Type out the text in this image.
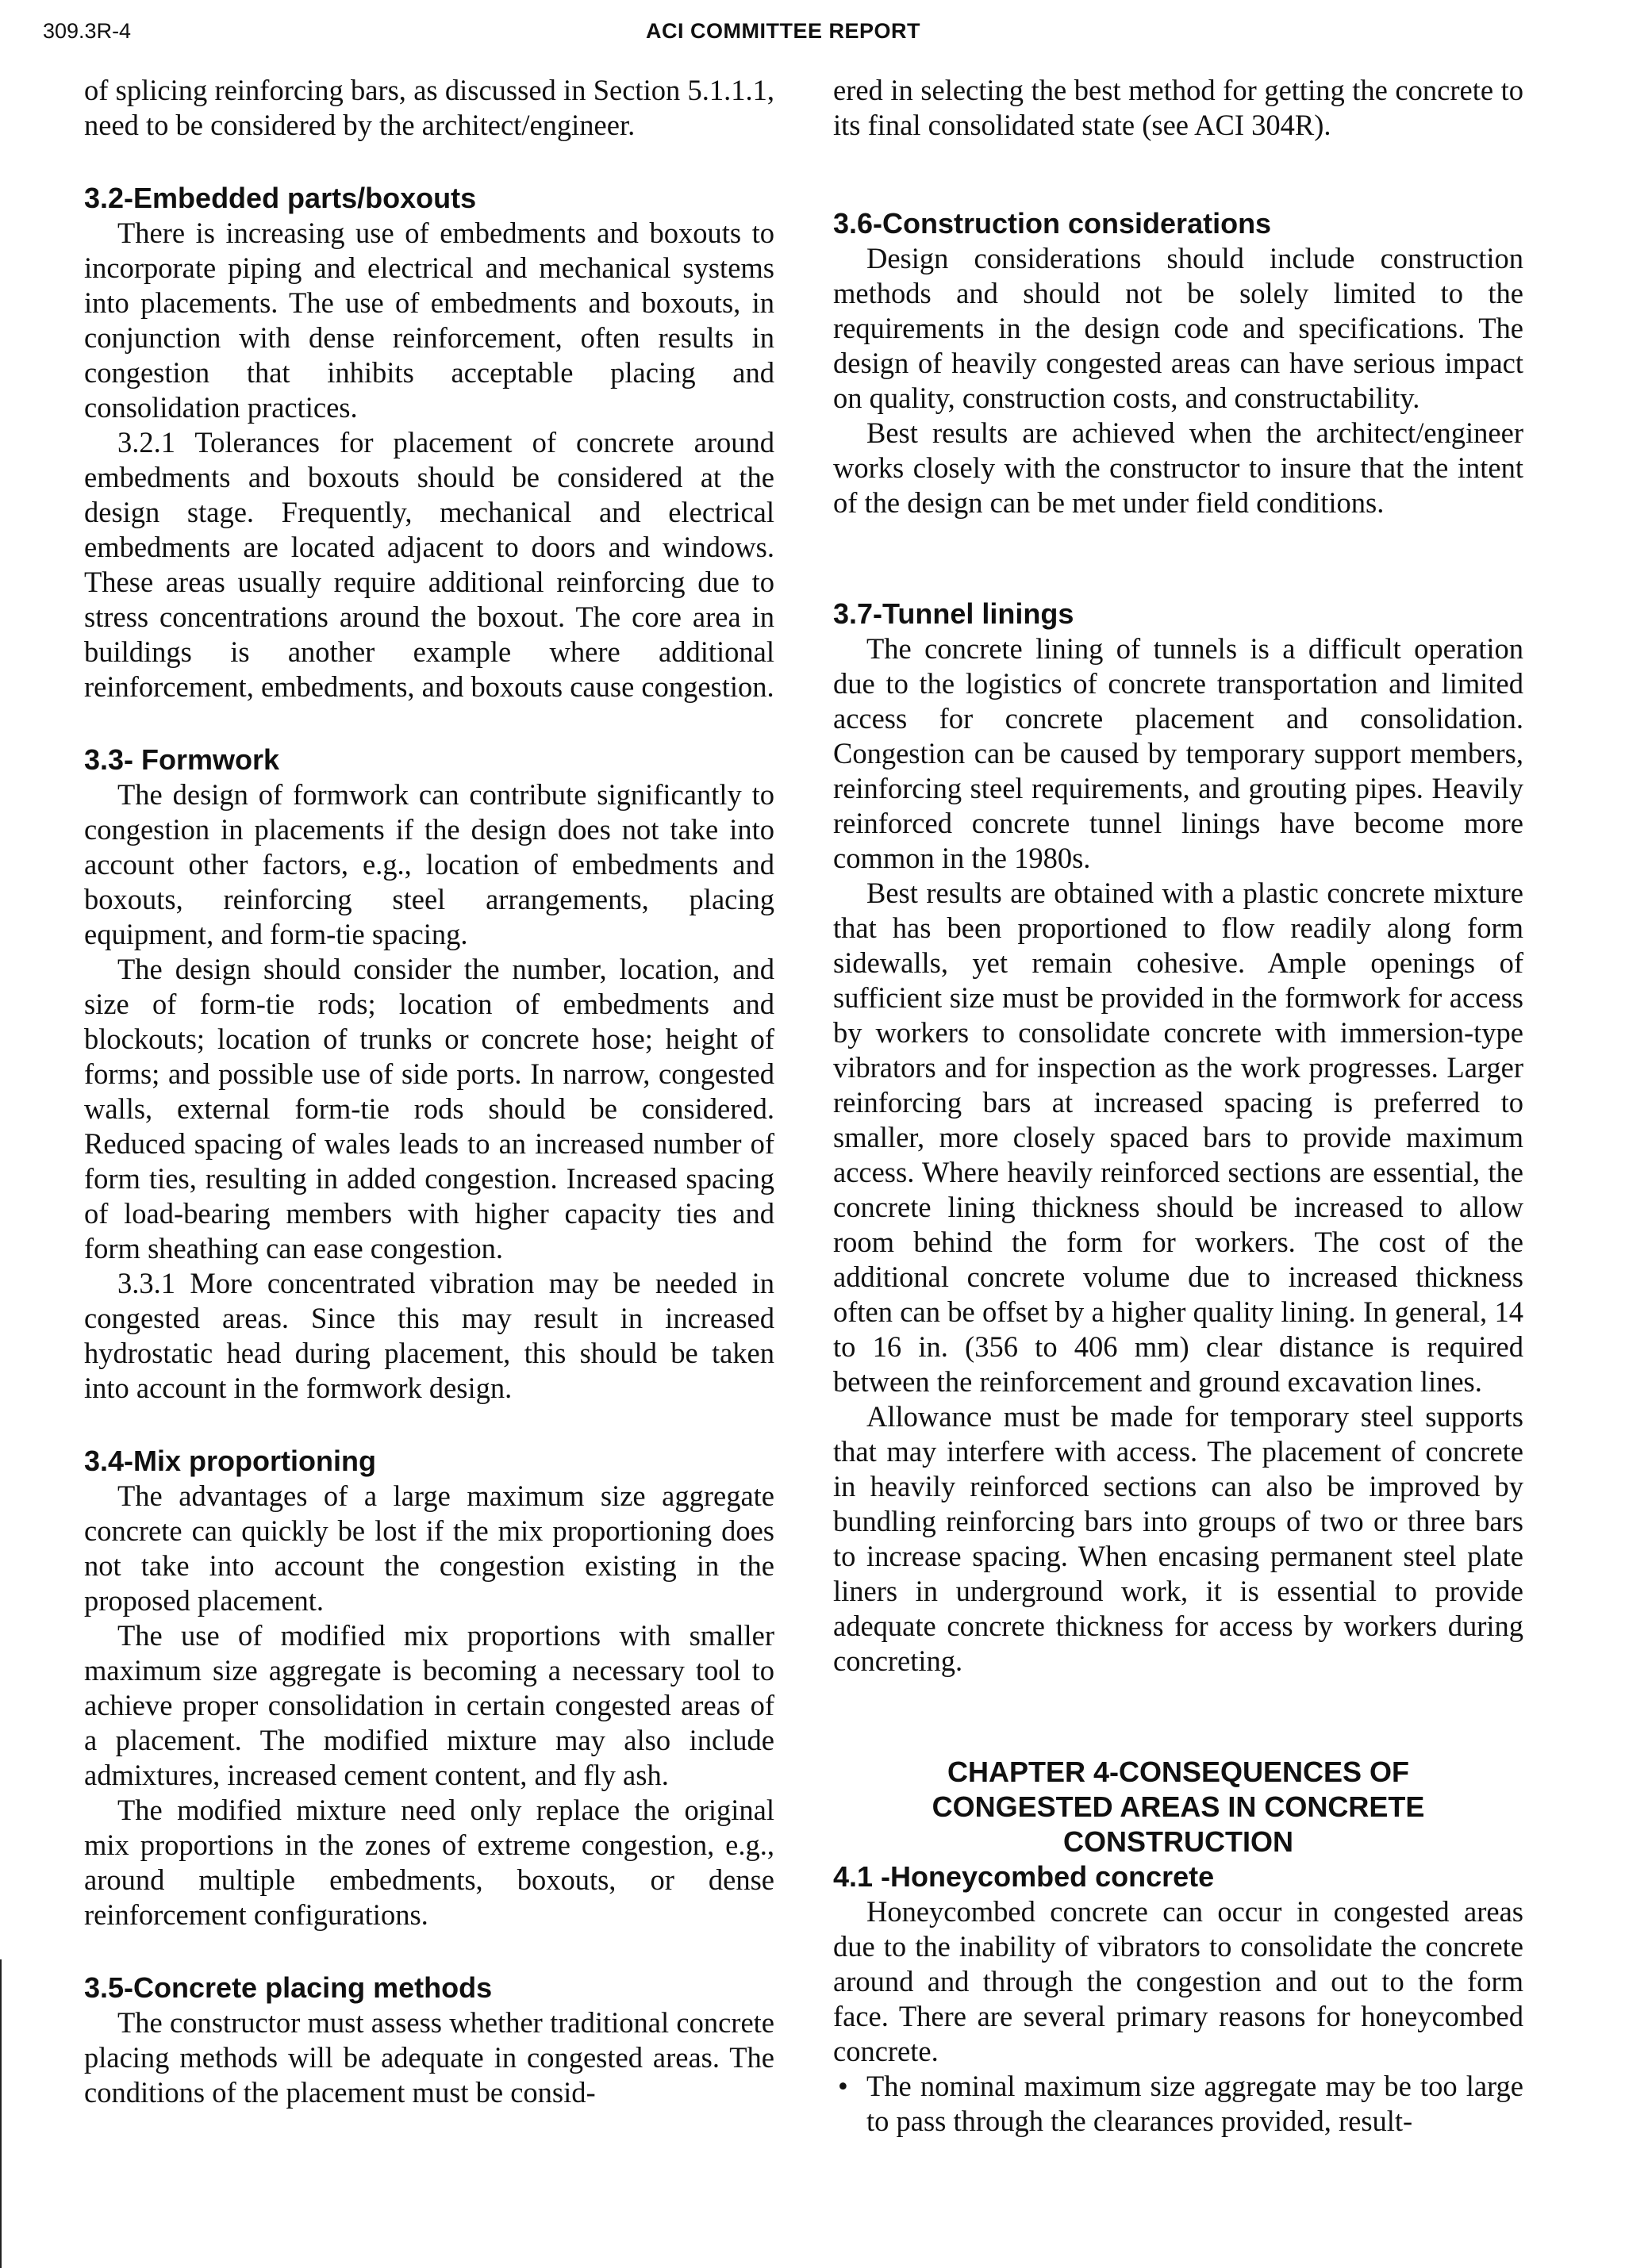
309.3R-4	ACI COMMITTEE REPORT

of splicing reinforcing bars, as discussed in Section 5.1.1.1, need to be considered by the architect/engineer.

3.2-Embedded parts/boxouts

There is increasing use of embedments and boxouts to incorporate piping and electrical and mechanical systems into placements. The use of embedments and boxouts, in conjunction with dense reinforcement, often results in congestion that inhibits acceptable placing and consolidation practices.

3.2.1 Tolerances for placement of concrete around embedments and boxouts should be considered at the design stage. Frequently, mechanical and electrical embedments are located adjacent to doors and windows. These areas usually require additional reinforcing due to stress concentrations around the boxout. The core area in buildings is another example where additional reinforcement, embedments, and boxouts cause congestion.

3.3- Formwork

The design of formwork can contribute significantly to congestion in placements if the design does not take into account other factors, e.g., location of embedments and boxouts, reinforcing steel arrangements, placing equipment, and form-tie spacing.

The design should consider the number, location, and size of form-tie rods; location of embedments and blockouts; location of trunks or concrete hose; height of forms; and possible use of side ports. In narrow, congested walls, external form-tie rods should be considered. Reduced spacing of wales leads to an increased number of form ties, resulting in added congestion. Increased spacing of load-bearing members with higher capacity ties and form sheathing can ease congestion.

3.3.1 More concentrated vibration may be needed in congested areas. Since this may result in increased hydrostatic head during placement, this should be taken into account in the formwork design.

3.4-Mix proportioning

The advantages of a large maximum size aggregate concrete can quickly be lost if the mix proportioning does not take into account the congestion existing in the proposed placement.

The use of modified mix proportions with smaller maximum size aggregate is becoming a necessary tool to achieve proper consolidation in certain congested areas of a placement. The modified mixture may also include admixtures, increased cement content, and fly ash.

The modified mixture need only replace the original mix proportions in the zones of extreme congestion, e.g., around multiple embedments, boxouts, or dense reinforcement configurations.

3.5-Concrete placing methods

The constructor must assess whether traditional concrete placing methods will be adequate in congested areas. The conditions of the placement must be consid-

ered in selecting the best method for getting the concrete to its final consolidated state (see ACI 304R).

3.6-Construction considerations

Design considerations should include construction methods and should not be solely limited to the requirements in the design code and specifications. The design of heavily congested areas can have serious impact on quality, construction costs, and constructability.

Best results are achieved when the architect/engineer works closely with the constructor to insure that the intent of the design can be met under field conditions.

3.7-Tunnel linings

The concrete lining of tunnels is a difficult operation due to the logistics of concrete transportation and limited access for concrete placement and consolidation. Congestion can be caused by temporary support members, reinforcing steel requirements, and grouting pipes. Heavily reinforced concrete tunnel linings have become more common in the 1980s.

Best results are obtained with a plastic concrete mixture that has been proportioned to flow readily along form sidewalls, yet remain cohesive. Ample openings of sufficient size must be provided in the formwork for access by workers to consolidate concrete with immersion-type vibrators and for inspection as the work progresses. Larger reinforcing bars at increased spacing is preferred to smaller, more closely spaced bars to provide maximum access. Where heavily reinforced sections are essential, the concrete lining thickness should be increased to allow room behind the form for workers. The cost of the additional concrete volume due to increased thickness often can be offset by a higher quality lining. In general, 14 to 16 in. (356 to 406 mm) clear distance is required between the reinforcement and ground excavation lines.

Allowance must be made for temporary steel supports that may interfere with access. The placement of concrete in heavily reinforced sections can also be improved by bundling reinforcing bars into groups of two or three bars to increase spacing. When encasing permanent steel plate liners in underground work, it is essential to provide adequate concrete thickness for access by workers during concreting.

CHAPTER 4-CONSEQUENCES OF
CONGESTED AREAS IN CONCRETE
CONSTRUCTION
4.1 -Honeycombed concrete

Honeycombed concrete can occur in congested areas due to the inability of vibrators to consolidate the concrete around and through the congestion and out to the form face. There are several primary reasons for honeycombed concrete.

• The nominal maximum size aggregate may be too large to pass through the clearances provided, result-
